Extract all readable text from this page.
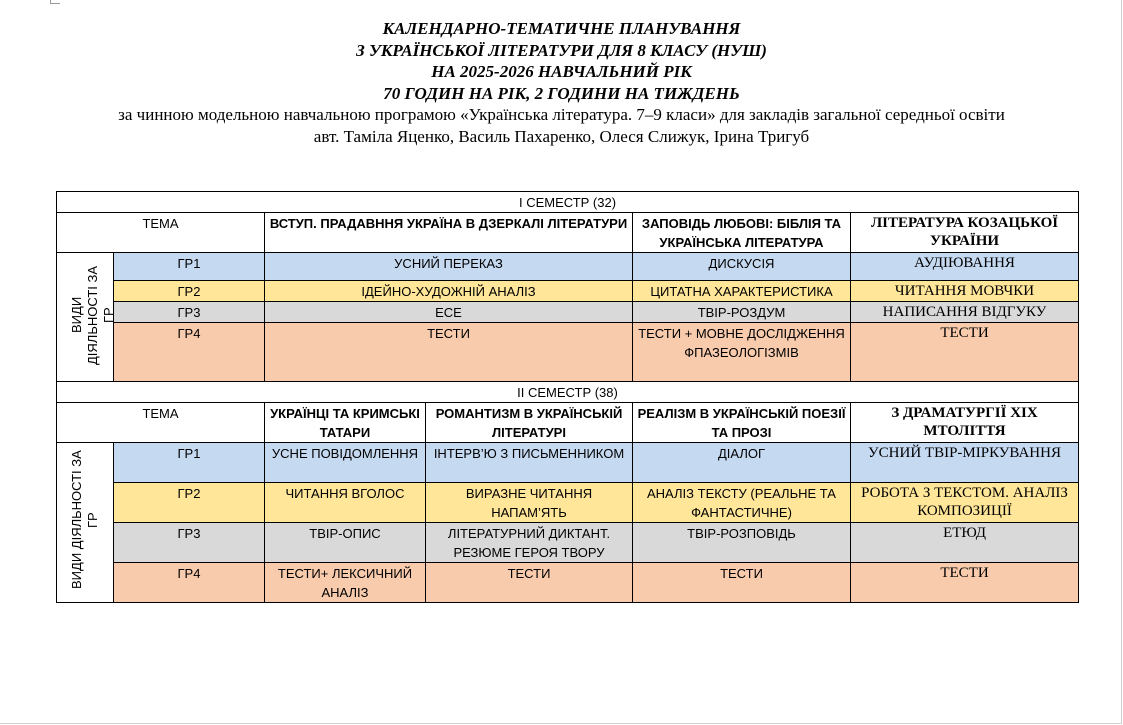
КАЛЕНДАРНО-ТЕМАТИЧНЕ ПЛАНУВАННЯ

З УКРАЇНСЬКОЇ ЛІТЕРАТУРИ ДЛЯ 8 КЛАСУ (НУШ)

НА 2025-2026 НАВЧАЛЬНИЙ РІК

70 ГОДИН НА РІК, 2 ГОДИНИ НА ТИЖДЕНЬ

за чинною модельною навчальною програмою «Українська література. 7–9 класи» для закладів загальної середньої освіти

авт. Таміла Яценко, Василь Пахаренко, Олеся Слижук, Ірина Тригуб

І СЕМЕСТР (32)					
ТЕМА		ВСТУП. ПРАДАВННЯ УКРАЇНА В ДЗЕРКАЛІ ЛІТЕРАТУРИ		ЗАПОВІДЬ ЛЮБОВІ: БІБЛІЯ ТА УКРАЇНСЬКА ЛІТЕРАТУРА	ЛІТЕРАТУРА КОЗАЦЬКОЇ УКРАЇНИ
ВИДИ ДІЯЛЬНОСТІ ЗА ГР	ГР1	УСНИЙ ПЕРЕКАЗ		ДИСКУСІЯ	АУДІЮВАННЯ
	ГР2	ІДЕЙНО-ХУДОЖНІЙ АНАЛІЗ		ЦИТАТНА ХАРАКТЕРИСТИКА	ЧИТАННЯ МОВЧКИ
	ГР3	ЕСЕ		ТВІР-РОЗДУМ	НАПИСАННЯ ВІДГУКУ
	ГР4	ТЕСТИ		ТЕСТИ + МОВНЕ ДОСЛІДЖЕННЯ ФПАЗЕОЛОГІЗМІВ	ТЕСТИ
ІІ СЕМЕСТР (38)					
ТЕМА		УКРАЇНЦІ ТА КРИМСЬКІ ТАТАРИ	РОМАНТИЗМ В УКРАЇНСЬКІЙ ЛІТЕРАТУРІ	РЕАЛІЗМ В УКРАЇНСЬКІЙ ПОЕЗІЇ ТА ПРОЗІ	З ДРАМАТУРГІЇ ХІХ МТОЛІТТЯ
ВИДИ ДІЯЛЬНОСТІ ЗА ГР	ГР1	УСНЕ ПОВІДОМЛЕННЯ	ІНТЕРВ’Ю З ПИСЬМЕННИКОМ	ДІАЛОГ	УСНИЙ ТВІР-МІРКУВАННЯ
	ГР2	ЧИТАННЯ ВГОЛОС	ВИРАЗНЕ ЧИТАННЯ НАПАМ’ЯТЬ	АНАЛІЗ ТЕКСТУ (РЕАЛЬНЕ ТА ФАНТАСТИЧНЕ)	РОБОТА З ТЕКСТОМ. АНАЛІЗ КОМПОЗИЦІЇ
	ГР3	ТВІР-ОПИС	ЛІТЕРАТУРНИЙ ДИКТАНТ. РЕЗЮМЕ ГЕРОЯ ТВОРУ	ТВІР-РОЗПОВІДЬ	ЕТЮД
	ГР4	ТЕСТИ+ ЛЕКСИЧНИЙ АНАЛІЗ	ТЕСТИ	ТЕСТИ	ТЕСТИ
